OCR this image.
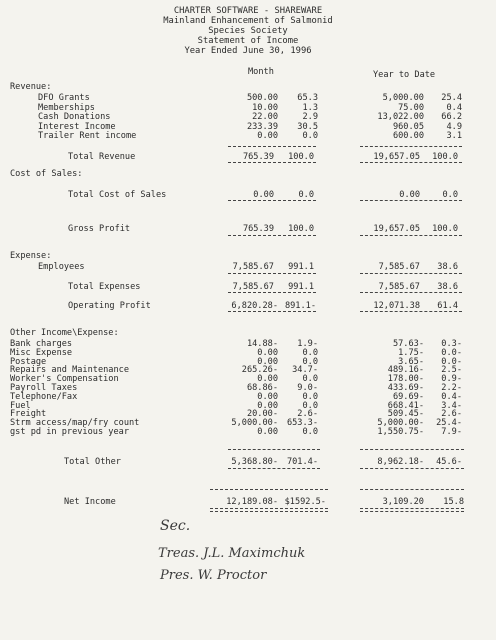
CHARTER SOFTWARE - SHAREWARE
Mainland Enhancement of Salmonid
Species Society
Statement of Income
Year Ended June 30, 1996
Month	Year to Date
Revenue:
DFO Grants	500.00	65.3	5,000.00	25.4
Memberships	10.00	1.3	75.00	0.4
Cash Donations	22.00	2.9	13,022.00	66.2
Interest Income	233.39	30.5	960.05	4.9
Trailer Rent income	0.00	0.0	600.00	3.1
Total Revenue	765.39	100.0	19,657.05	100.0
Cost of Sales:
Total Cost of Sales	0.00	0.0	0.00	0.0
Gross Profit	765.39	100.0	19,657.05	100.0
Expense:
Employees	7,585.67	991.1	7,585.67	38.6
Total Expenses	7,585.67	991.1	7,585.67	38.6
Operating Profit	6,820.28- 891.1-	12,071.38	61.4
Other Income\Expense:
Bank charges	14.88-	1.9-	57.63-	0.3-
Misc Expense	0.00	0.0	1.75-	0.0-
Postage	0.00	0.0	3.65-	0.0-
Repairs and Maintenance	265.26-	34.7-	489.16-	2.5-
Worker's Compensation	0.00	0.0	178.00-	0.9-
Payroll Taxes	68.86-	9.0-	433.69-	2.2-
Telephone/Fax	0.00	0.0	69.69-	0.4-
Fuel	0.00	0.0	668.41-	3.4-
Freight	20.00-	2.6-	509.45-	2.6-
Strm access/map/fry count	5,000.00-	653.3-	5,000.00-	25.4-
gst pd in previous year	0.00	0.0	1,550.75-	7.9-
Total Other	5,368.80-	701.4-	8,962.18-	45.6-
Net Income	12,189.08- $1592.5-	3,109.20	15.8
Sec.
Treas. J.L. Maximchuk
Pres. W. Proctor
